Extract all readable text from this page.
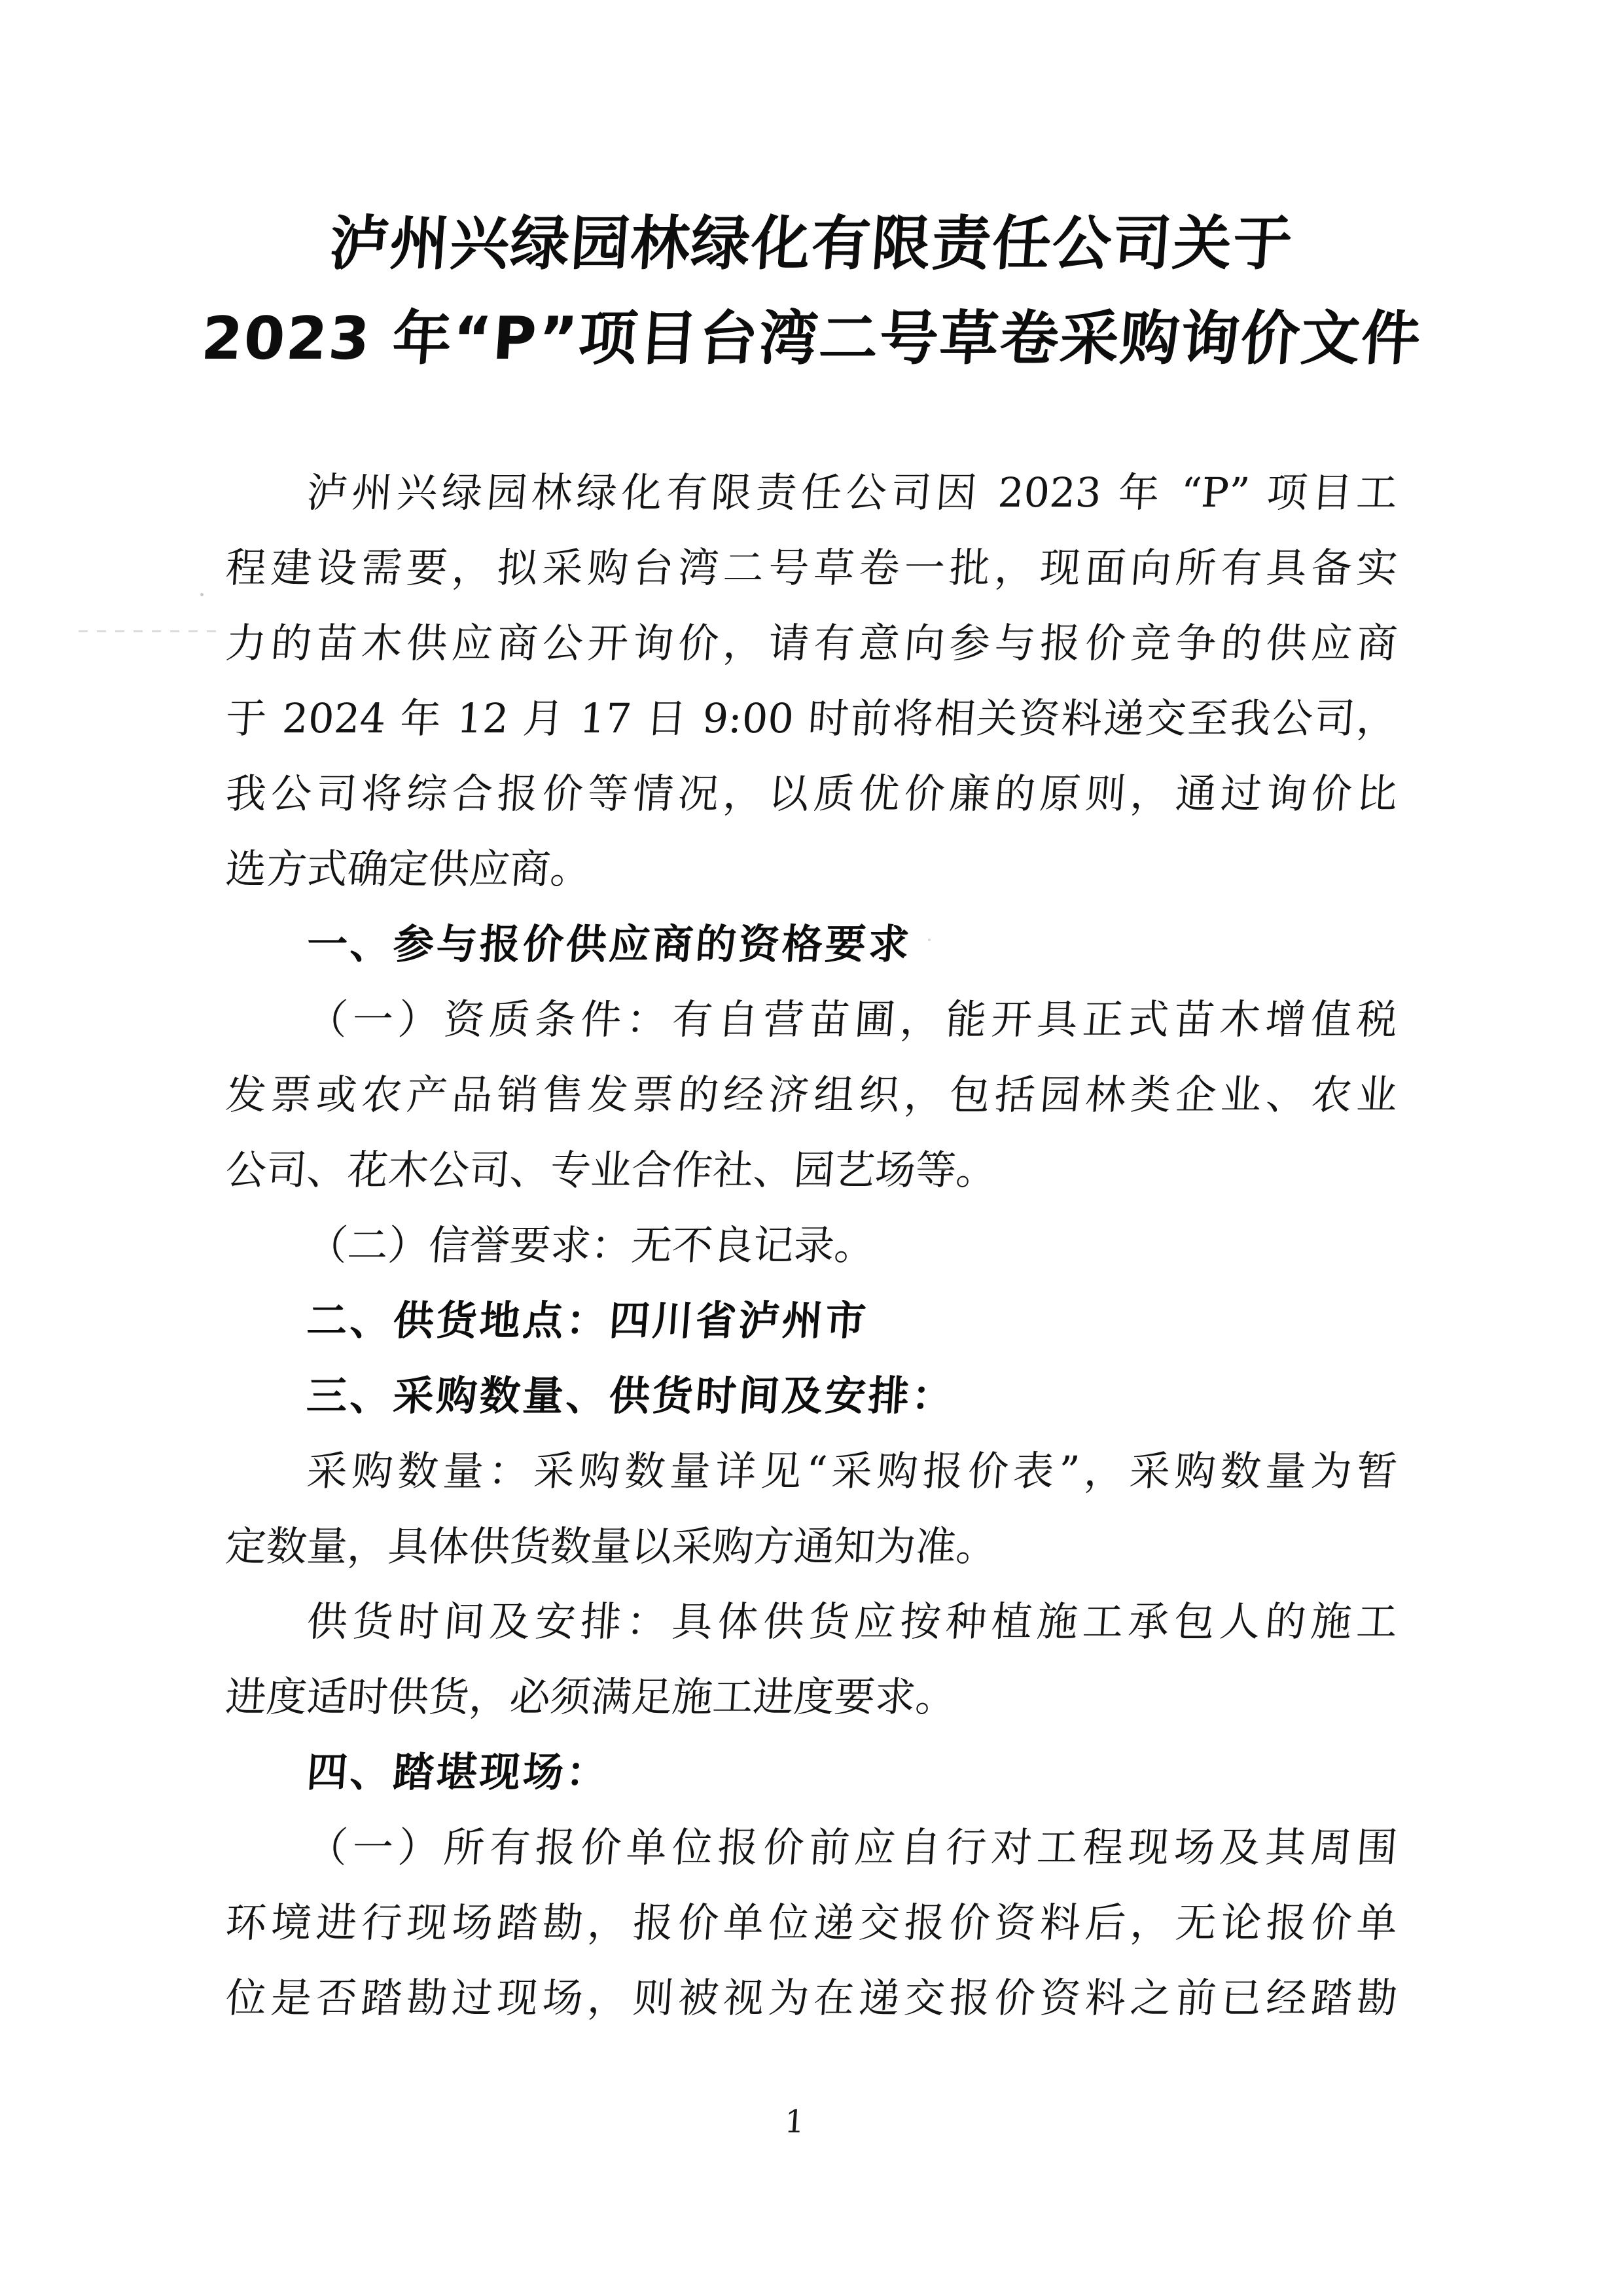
泸州兴绿园林绿化有限责任公司关于
2023 年“P”项目台湾二号草卷采购询价文件

泸州兴绿园林绿化有限责任公司因 2023 年 “P” 项目工

程建设需要，拟采购台湾二号草卷一批，现面向所有具备实

力的苗木供应商公开询价，请有意向参与报价竞争的供应商

于 2024 年 12 月 17 日 9:00 时前将相关资料递交至我公司，

我公司将综合报价等情况，以质优价廉的原则，通过询价比

选方式确定供应商。

一、参与报价供应商的资格要求

（一）资质条件：有自营苗圃，能开具正式苗木增值税

发票或农产品销售发票的经济组织，包括园林类企业、农业

公司、花木公司、专业合作社、园艺场等。

（二）信誉要求：无不良记录。

二、供货地点：四川省泸州市

三、采购数量、供货时间及安排：

采购数量：采购数量详见“采购报价表”，采购数量为暂

定数量，具体供货数量以采购方通知为准。

供货时间及安排：具体供货应按种植施工承包人的施工

进度适时供货，必须满足施工进度要求。

四、踏堪现场：

（一）所有报价单位报价前应自行对工程现场及其周围

环境进行现场踏勘，报价单位递交报价资料后，无论报价单

位是否踏勘过现场，则被视为在递交报价资料之前已经踏勘

1
